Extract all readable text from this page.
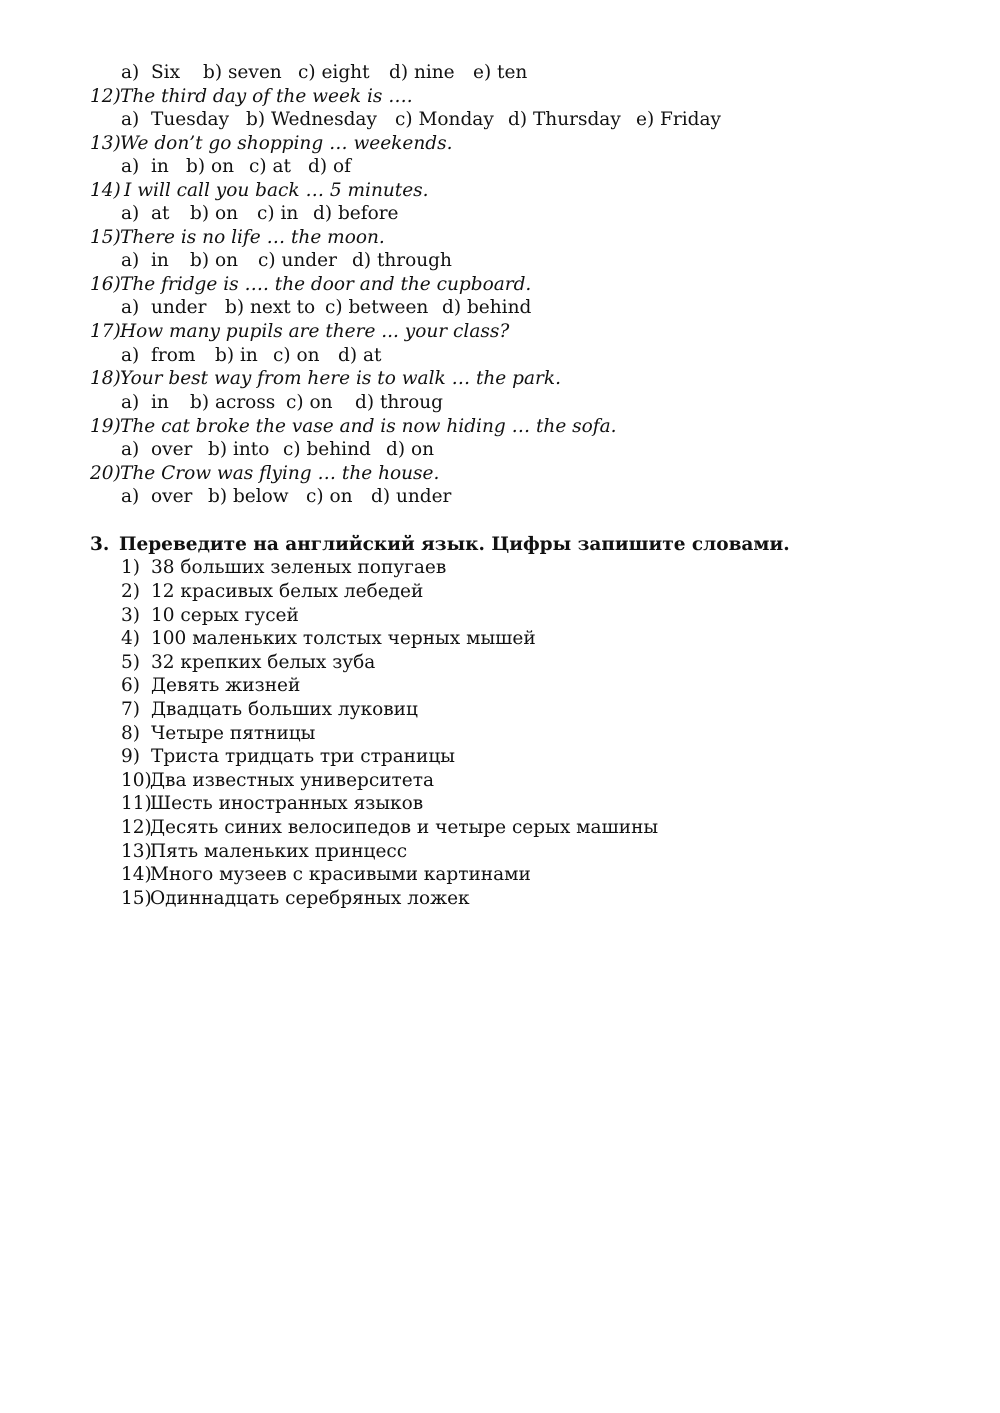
a) Six b) seven c) eight d) nine e) ten
12) The third day of the week is ….
a) Tuesday b) Wednesday c) Monday d) Thursday e) Friday
13) We don’t go shopping … weekends.
a) in b) on c) at d) of
14) I will call you back … 5 minutes.
a) at b) on c) in d) before
15) There is no life … the moon.
a) in b) on c) under d) through
16) The fridge is …. the door and the cupboard.
a) under b) next to c) between d) behind
17) How many pupils are there ... your class?
a) from b) in c) on d) at
18) Your best way from here is to walk … the park.
a) in b) across c) on d) throug
19) The cat broke the vase and is now hiding … the sofa.
a) over b) into c) behind d) on
20) The Crow was flying … the house.
a) over b) below c) on d) under
3. Переведите на английский язык. Цифры запишите словами.
1) 38 больших зеленых попугаев
2) 12 красивых белых лебедей
3) 10 серых гусей
4) 100 маленьких толстых черных мышей
5) 32 крепких белых зуба
6) Девять жизней
7) Двадцать больших луковиц
8) Четыре пятницы
9) Триста тридцать три страницы
10)
Два известных университета
11)
Шесть иностранных языков
12)
Десять синих велосипедов и четыре серых машины
13)
Пять маленьких принцесс
14)
Много музеев с красивыми картинами
15)
Одиннадцать серебряных ложек
